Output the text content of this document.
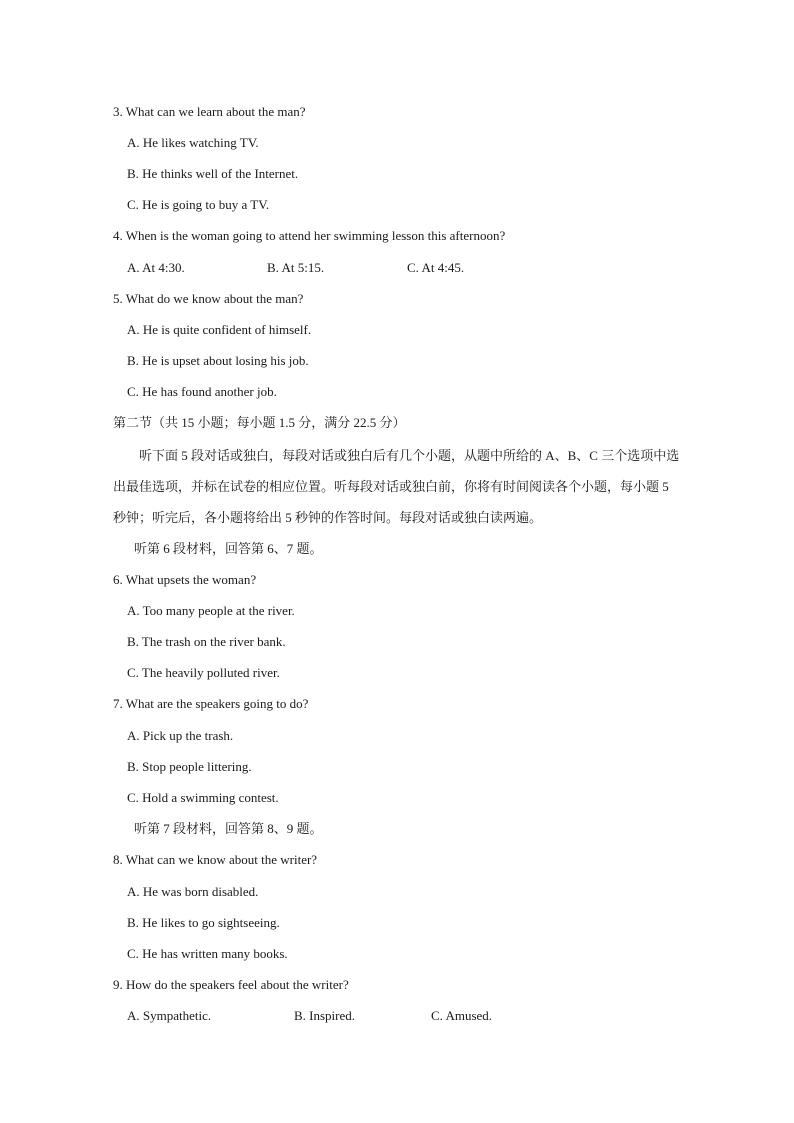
3. What can we learn about the man?
A. He likes watching TV.
B. He thinks well of the Internet.
C. He is going to buy a TV.
4. When is the woman going to attend her swimming lesson this afternoon?
A. At 4:30.	B. At 5:15.	C. At 4:45.
5. What do we know about the man?
A. He is quite confident of himself.
B. He is upset about losing his job.
C. He has found another job.
第二节（共 15 小题；每小题 1.5 分，满分 22.5 分）
听下面 5 段对话或独白，每段对话或独白后有几个小题，从题中所给的 A、B、C 三个选项中选出最佳选项，并标在试卷的相应位置。听每段对话或独白前，你将有时间阅读各个小题，每小题 5 秒钟；听完后，各小题将给出 5 秒钟的作答时间。每段对话或独白读两遍。
听第 6 段材料，回答第 6、7 题。
6. What upsets the woman?
A. Too many people at the river.
B. The trash on the river bank.
C. The heavily polluted river.
7. What are the speakers going to do?
A. Pick up the trash.
B. Stop people littering.
C. Hold a swimming contest.
听第 7 段材料，回答第 8、9 题。
8. What can we know about the writer?
A. He was born disabled.
B. He likes to go sightseeing.
C. He has written many books.
9. How do the speakers feel about the writer?
A. Sympathetic.	B. Inspired.	C. Amused.
